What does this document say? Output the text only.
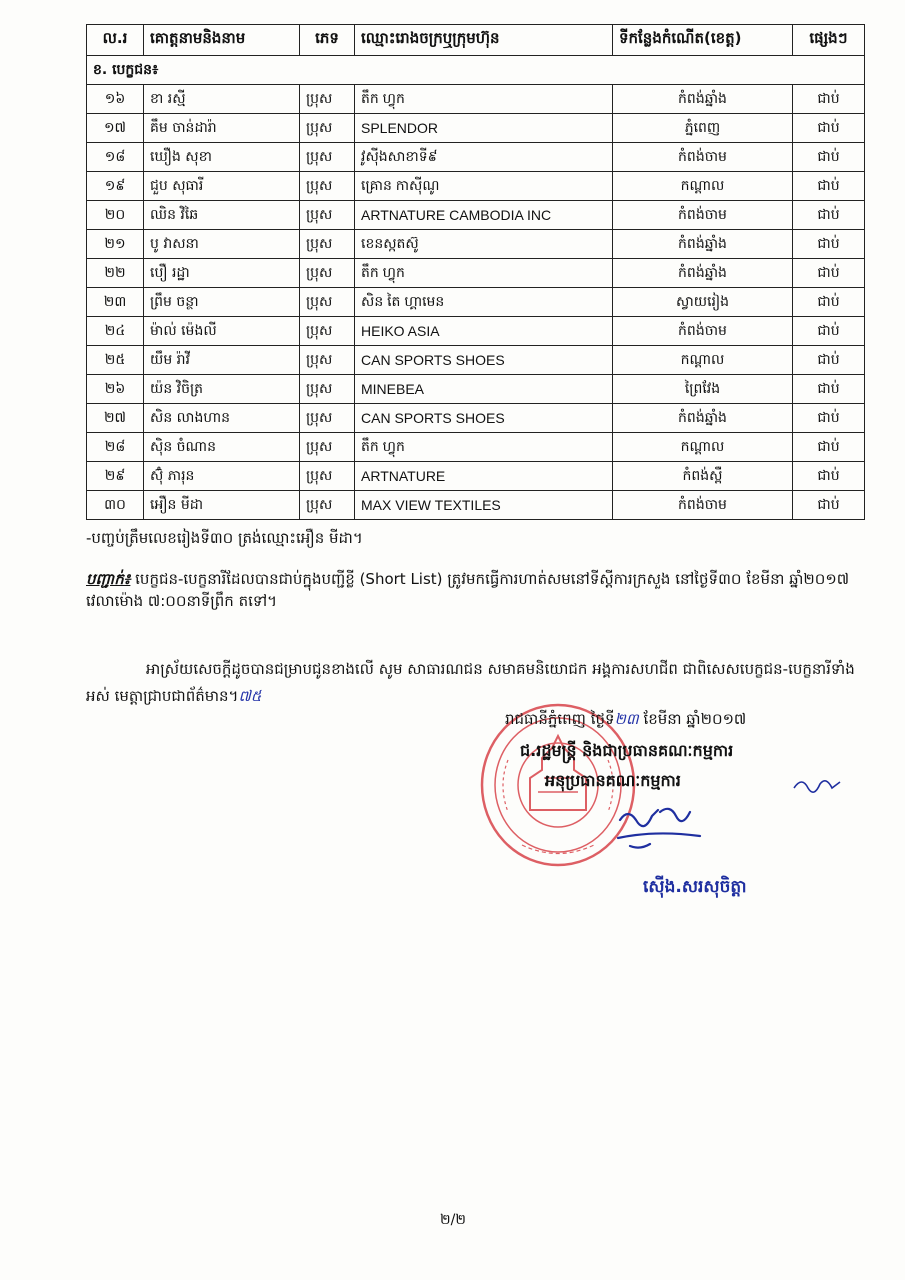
ល.រ	គោត្តនាមនិងនាម	ភេទ	ឈ្មោះរោងចក្រឬក្រុមហ៊ុន	ទីកន្លែងកំណើត(ខេត្ត)	ផ្សេងៗ
ខ. បេក្ខជន៖					
១៦	ខា រស្មី	ប្រុស	តឹក ហ្វុក	កំពង់ឆ្នាំង	ជាប់
១៧	គឹម ចាន់ដារ៉ា	ប្រុស	SPLENDOR	ភ្នំពេញ	ជាប់
១៨	ឃឿង សុខា	ប្រុស	វូស៊ីងសាខាទី៩	កំពង់ចាម	ជាប់
១៩	ជួប សុធារី	ប្រុស	គ្រោន កាស៊ីណូ	កណ្តាល	ជាប់
២០	ឈិន វិឆៃ	ប្រុស	ARTNATURE CAMBODIA INC	កំពង់ចាម	ជាប់
២១	បូ វាសនា	ប្រុស	ខេនស្កតស៊ូ	កំពង់ឆ្នាំង	ជាប់
២២	បឿ រដ្ឋា	ប្រុស	តឹក ហ្វុក	កំពង់ឆ្នាំង	ជាប់
២៣	ព្រឹម ចន្ថា	ប្រុស	សិន តៃ ហ្គាមេន	ស្វាយរៀង	ជាប់
២៤	ម៉ាល់ ម៉េងលី	ប្រុស	HEIKO ASIA	កំពង់ចាម	ជាប់
២៥	យឹម រ៉ាវី	ប្រុស	CAN SPORTS SHOES	កណ្តាល	ជាប់
២៦	យ៉ន វិចិត្រ	ប្រុស	MINEBEA	ព្រៃវែង	ជាប់
២៧	សិន លាងហាន	ប្រុស	CAN SPORTS SHOES	កំពង់ឆ្នាំង	ជាប់
២៨	ស៊ិន ចំណាន	ប្រុស	តឹក ហ្វុក	កណ្តាល	ជាប់
២៩	ស៊ុំ ភារុន	ប្រុស	ARTNATURE	កំពង់ស្ពឺ	ជាប់
៣០	អឿន មីដា	ប្រុស	MAX VIEW TEXTILES	កំពង់ចាម	ជាប់
-បញ្ចប់ត្រឹមលេខរៀងទី៣០ ត្រង់ឈ្មោះអឿន មីដា។
បញ្ជាក់៖ បេក្ខជន-បេក្ខនារីដែលបានជាប់ក្នុងបញ្ជីខ្លី (Short List) ត្រូវមកធ្វើការហាត់សមនៅទីស្តីការក្រសួង នៅថ្ងៃទី៣០ ខែមីនា ឆ្នាំ២០១៧ វេលាម៉ោង ៧:០០នាទីព្រឹក តទៅ។
អាស្រ័យសេចក្តីដូចបានជម្រាបជូនខាងលើ សូម សាធារណជន សមាគមនិយោជក អង្គការសហជីព ជាពិសេសបេក្ខជន-បេក្ខនារីទាំងអស់ មេត្តាជ្រាបជាព័ត៌មាន។៧៥
រាជធានីភ្នំពេញ ថ្ងៃទី២៣ ខែមីនា ឆ្នាំ២០១៧
ជ.រដ្ឋមន្ត្រី និងជាប្រធានគណៈកម្មការ
អនុប្រធានគណៈកម្មការ
ស៊ើង.សរសុចិត្តា
២/២
